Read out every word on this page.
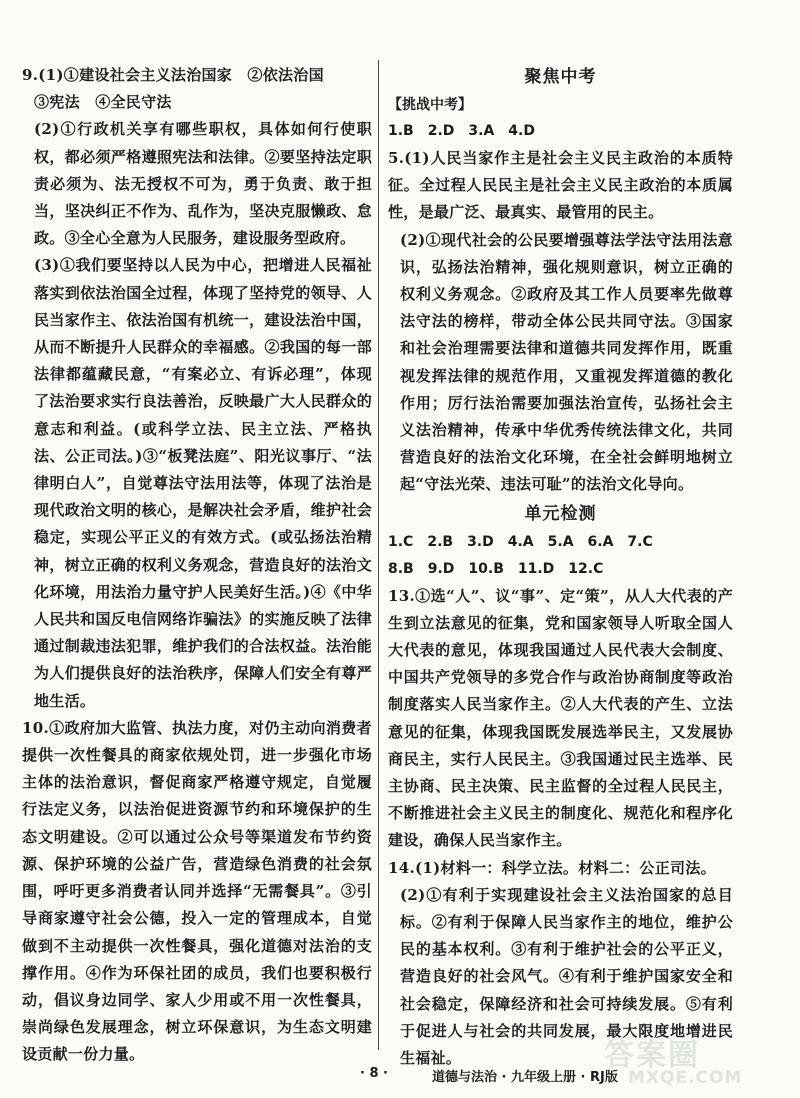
9.(1)①建设社会主义法治国家　②依法治国
③宪法　④全民守法
(2)①行政机关享有哪些职权，具体如何行使职权，都必须严格遵照宪法和法律。②要坚持法定职责必须为、法无授权不可为，勇于负责、敢于担当，坚决纠正不作为、乱作为，坚决克服懒政、怠政。③全心全意为人民服务，建设服务型政府。
(3)①我们要坚持以人民为中心，把增进人民福祉落实到依法治国全过程，体现了坚持党的领导、人民当家作主、依法治国有机统一，建设法治中国，从而不断提升人民群众的幸福感。②我国的每一部法律都蕴藏民意，“有案必立、有诉必理”，体现了法治要求实行良法善治，反映最广大人民群众的意志和利益。(或科学立法、民主立法、严格执法、公正司法。)③“板凳法庭”、阳光议事厅、“法律明白人”，自觉尊法守法用法等，体现了法治是现代政治文明的核心，是解决社会矛盾，维护社会稳定，实现公平正义的有效方式。(或弘扬法治精神，树立正确的权利义务观念，营造良好的法治文化环境，用法治力量守护人民美好生活。)④《中华人民共和国反电信网络诈骗法》的实施反映了法律通过制裁违法犯罪，维护我们的合法权益。法治能为人们提供良好的法治秩序，保障人们安全有尊严地生活。
10.①政府加大监管、执法力度，对仍主动向消费者提供一次性餐具的商家依规处罚，进一步强化市场主体的法治意识，督促商家严格遵守规定，自觉履行法定义务，以法治促进资源节约和环境保护的生态文明建设。②可以通过公众号等渠道发布节约资源、保护环境的公益广告，营造绿色消费的社会氛围，呼吁更多消费者认同并选择“无需餐具”。③引导商家遵守社会公德，投入一定的管理成本，自觉做到不主动提供一次性餐具，强化道德对法治的支撑作用。④作为环保社团的成员，我们也要积极行动，倡议身边同学、家人少用或不用一次性餐具，崇尚绿色发展理念，树立环保意识，为生态文明建设贡献一份力量。
聚焦中考
【挑战中考】
1.B　2.D　3.A　4.D
5.(1)人民当家作主是社会主义民主政治的本质特征。全过程人民民主是社会主义民主政治的本质属性，是最广泛、最真实、最管用的民主。
(2)①现代社会的公民要增强尊法学法守法用法意识，弘扬法治精神，强化规则意识，树立正确的权利义务观念。②政府及其工作人员要率先做尊法守法的榜样，带动全体公民共同守法。③国家和社会治理需要法律和道德共同发挥作用，既重视发挥法律的规范作用，又重视发挥道德的教化作用；厉行法治需要加强法治宣传，弘扬社会主义法治精神，传承中华优秀传统法律文化，共同营造良好的法治文化环境，在全社会鲜明地树立起“守法光荣、违法可耻”的法治文化导向。
单元检测
1.C　2.B　3.D　4.A　5.A　6.A　7.C
8.B　9.D　10.B　11.D　12.C
13.①选“人”、议“事”、定“策”，从人大代表的产生到立法意见的征集，党和国家领导人听取全国人大代表的意见，体现我国通过人民代表大会制度、中国共产党领导的多党合作与政治协商制度等政治制度落实人民当家作主。②人大代表的产生、立法意见的征集，体现我国既发展选举民主，又发展协商民主，实行人民民主。③我国通过民主选举、民主协商、民主决策、民主监督的全过程人民民主，不断推进社会主义民主的制度化、规范化和程序化建设，确保人民当家作主。
14.(1)材料一：科学立法。材料二：公正司法。
(2)①有利于实现建设社会主义法治国家的总目标。②有利于保障人民当家作主的地位，维护公民的基本权利。③有利于维护社会的公平正义，营造良好的社会风气。④有利于维护国家安全和社会稳定，保障经济和社会可持续发展。⑤有利于促进人与社会的共同发展，最大限度地增进民生福祉。
· 8 ·	道德与法治 · 九年级上册 · RJ版
答案圈
MXQE.COM
